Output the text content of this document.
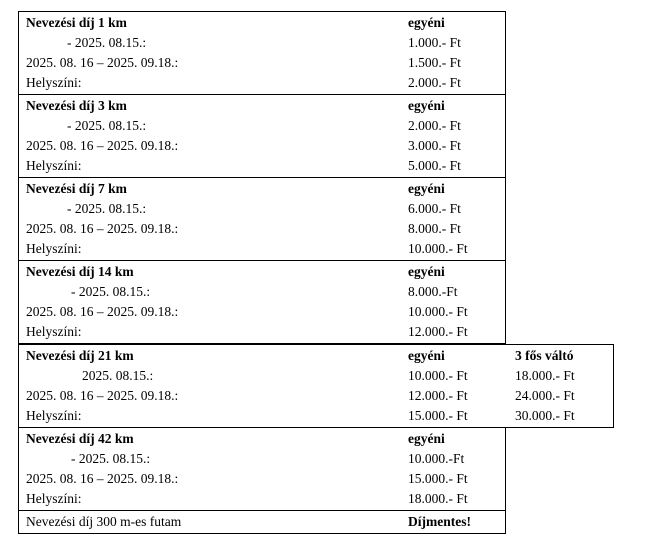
Nevezési díj 1 km	egyéni
- 2025. 08.15.:	1.000.- Ft
2025. 08. 16 – 2025. 09.18.:	1.500.- Ft
Helyszíni:	2.000.- Ft
Nevezési díj 3 km	egyéni
- 2025. 08.15.:	2.000.- Ft
2025. 08. 16 – 2025. 09.18.:	3.000.- Ft
Helyszíni:	5.000.- Ft
Nevezési díj 7 km	egyéni
- 2025. 08.15.:	6.000.- Ft
2025. 08. 16 – 2025. 09.18.:	8.000.- Ft
Helyszíni:	10.000.- Ft
Nevezési díj 14 km	egyéni
- 2025. 08.15.:	8.000.-Ft
2025. 08. 16 – 2025. 09.18.:	10.000.- Ft
Helyszíni:	12.000.- Ft
Nevezési díj 21 km	egyéni	3 fős váltó
2025. 08.15.:	10.000.- Ft	18.000.- Ft
2025. 08. 16 – 2025. 09.18.:	12.000.- Ft	24.000.- Ft
Helyszíni:	15.000.- Ft	30.000.- Ft
Nevezési díj 42 km	egyéni
- 2025. 08.15.:	10.000.-Ft
2025. 08. 16 – 2025. 09.18.:	15.000.- Ft
Helyszíni:	18.000.- Ft
Nevezési díj 300 m-es futam	Díjmentes!
